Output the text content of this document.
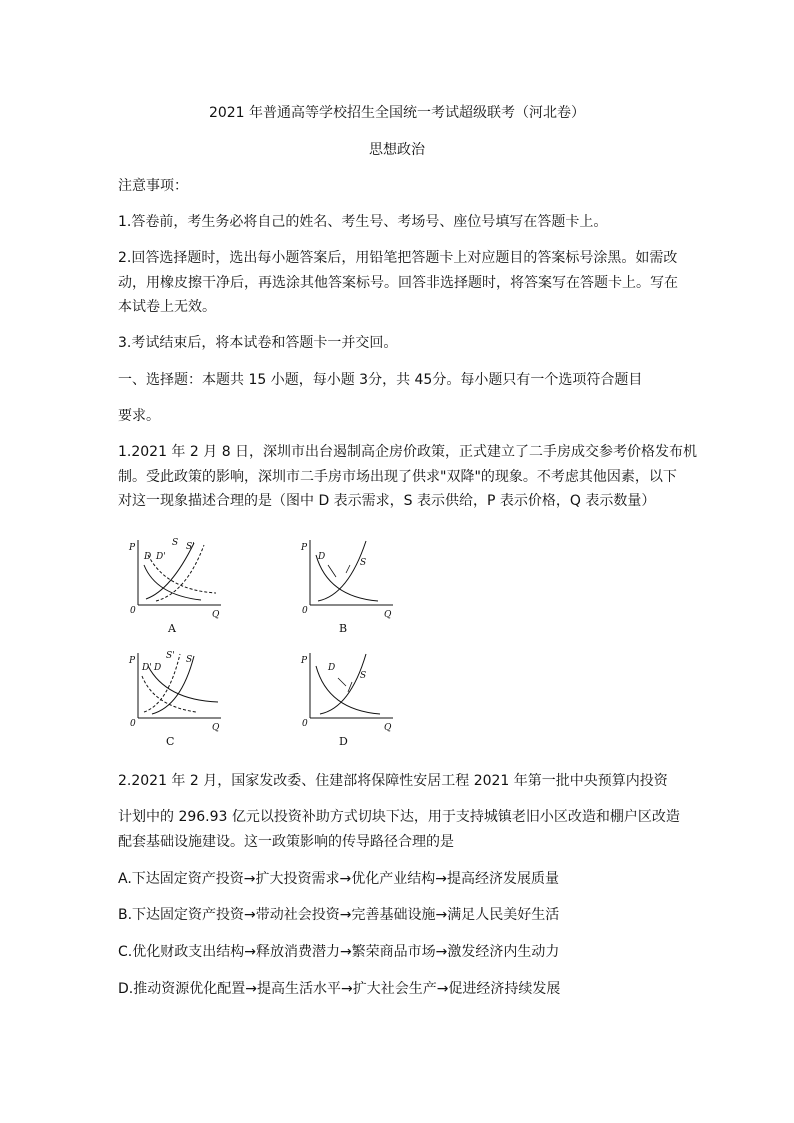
2021 年普通高等学校招生全国统一考试超级联考（河北卷）
思想政治
注意事项：
1.答卷前，考生务必将自己的姓名、考生号、考场号、座位号填写在答题卡上。
2.回答选择题时，选出每小题答案后，用铅笔把答题卡上对应题目的答案标号涂黑。如需改
动，用橡皮擦干净后，再选涂其他答案标号。回答非选择题时，将答案写在答题卡上。写在
本试卷上无效。
3.考试结束后，将本试卷和答题卡一并交回。
一、选择题：本题共 15 小题，每小题 3分，共 45分。每小题只有一个选项符合题目
要求。
1.2021 年 2 月 8 日，深圳市出台遏制高企房价政策，正式建立了二手房成交参考价格发布机
制。受此政策的影响，深圳市二手房市场出现了供求"双降"的现象。不考虑其他因素，以下
对这一现象描述合理的是（图中 D 表示需求，S 表示供给，P 表示价格，Q 表示数量）
P
0	Q
D D'
S S'
A
P
0	Q
D
S
B
P
0	Q
D' D
S' S
C
P
0	Q
D
S
D
2.2021 年 2 月，国家发改委、住建部将保障性安居工程 2021 年第一批中央预算内投资
计划中的 296.93 亿元以投资补助方式切块下达，用于支持城镇老旧小区改造和棚户区改造
配套基础设施建设。这一政策影响的传导路径合理的是
A.下达固定资产投资→扩大投资需求→优化产业结构→提高经济发展质量
B.下达固定资产投资→带动社会投资→完善基础设施→满足人民美好生活
C.优化财政支出结构→释放消费潜力→繁荣商品市场→激发经济内生动力
D.推动资源优化配置→提高生活水平→扩大社会生产→促进经济持续发展
